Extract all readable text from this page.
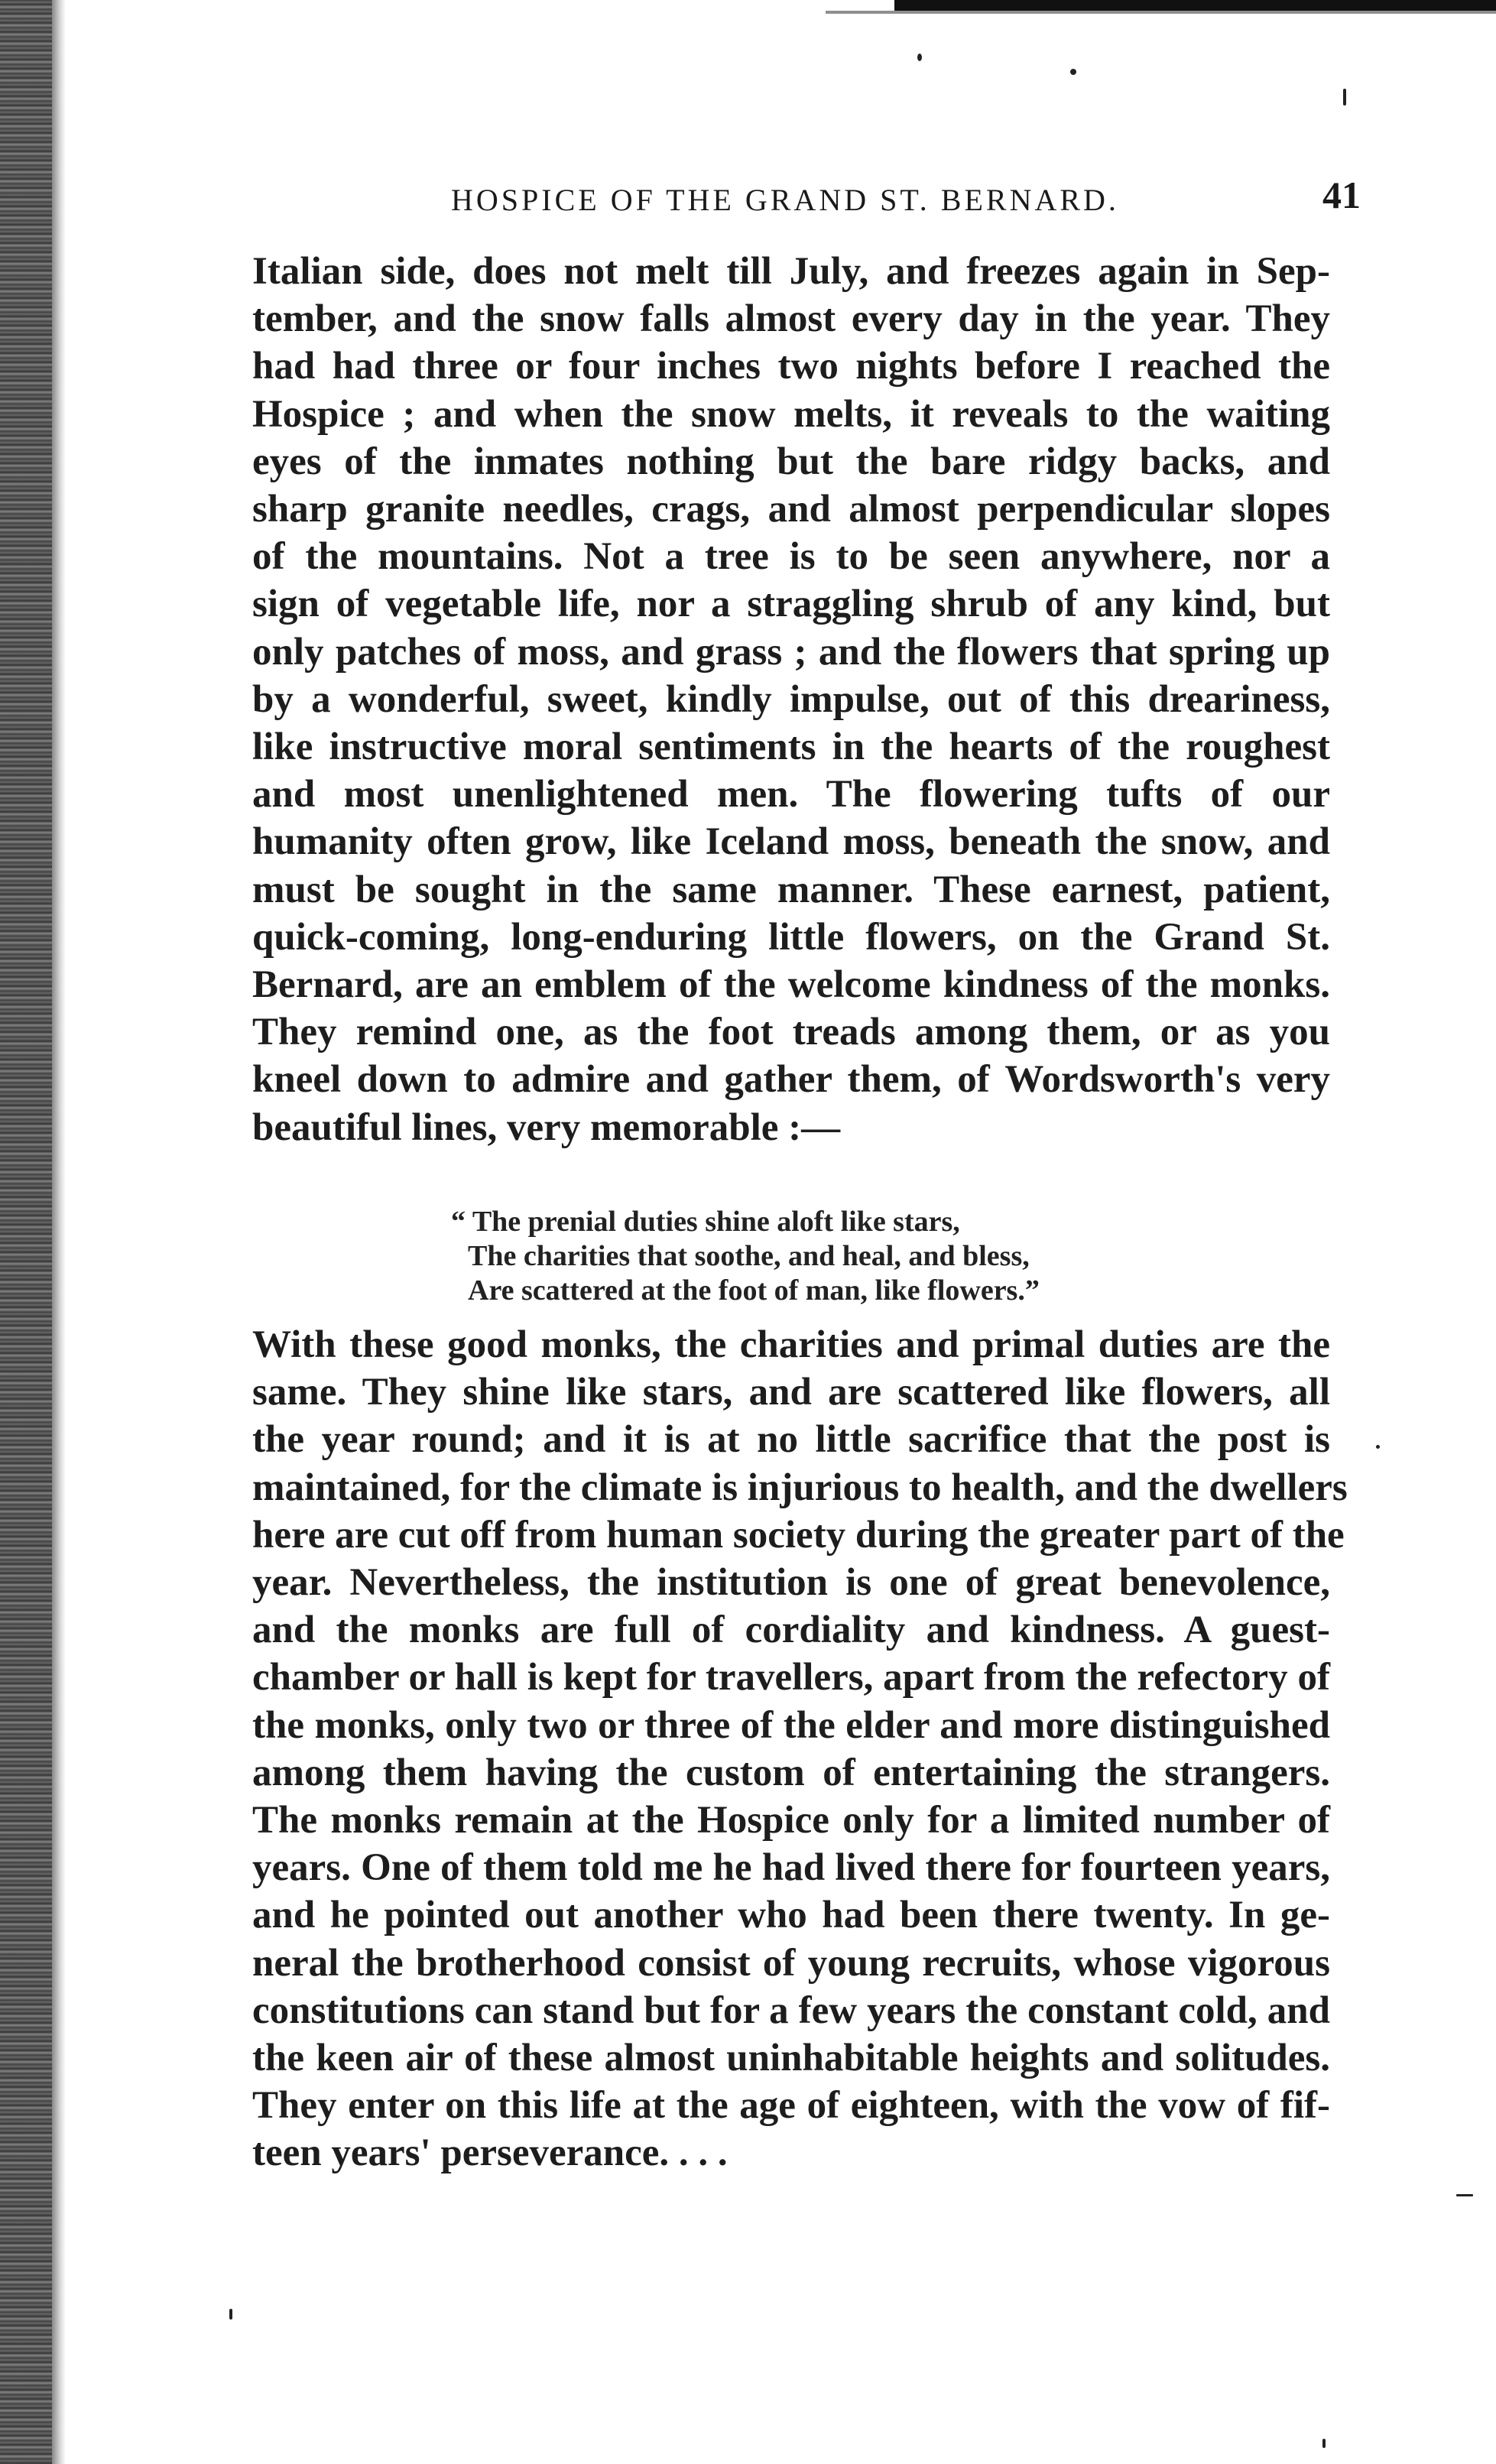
HOSPICE OF THE GRAND ST. BERNARD.	41
Italian side, does not melt till July, and freezes again in Sep-
tember, and the snow falls almost every day in the year. They
had had three or four inches two nights before I reached the
Hospice ; and when the snow melts, it reveals to the waiting
eyes of the inmates nothing but the bare ridgy backs, and
sharp granite needles, crags, and almost perpendicular slopes
of the mountains. Not a tree is to be seen anywhere, nor a
sign of vegetable life, nor a straggling shrub of any kind, but
only patches of moss, and grass ; and the flowers that spring up
by a wonderful, sweet, kindly impulse, out of this dreariness,
like instructive moral sentiments in the hearts of the roughest
and most unenlightened men. The flowering tufts of our
humanity often grow, like Iceland moss, beneath the snow, and
must be sought in the same manner. These earnest, patient,
quick-coming, long-enduring little flowers, on the Grand St.
Bernard, are an emblem of the welcome kindness of the monks.
They remind one, as the foot treads among them, or as you
kneel down to admire and gather them, of Wordsworth's very
beautiful lines, very memorable :—
“ The prenial duties shine aloft like stars,
The charities that soothe, and heal, and bless,
Are scattered at the foot of man, like flowers.”
With these good monks, the charities and primal duties are the
same. They shine like stars, and are scattered like flowers, all
the year round; and it is at no little sacrifice that the post is
maintained, for the climate is injurious to health, and the dwellers
here are cut off from human society during the greater part of the
year. Nevertheless, the institution is one of great benevolence,
and the monks are full of cordiality and kindness. A guest-
chamber or hall is kept for travellers, apart from the refectory of
the monks, only two or three of the elder and more distinguished
among them having the custom of entertaining the strangers.
The monks remain at the Hospice only for a limited number of
years. One of them told me he had lived there for fourteen years,
and he pointed out another who had been there twenty. In ge-
neral the brotherhood consist of young recruits, whose vigorous
constitutions can stand but for a few years the constant cold, and
the keen air of these almost uninhabitable heights and solitudes.
They enter on this life at the age of eighteen, with the vow of fif-
teen years' perseverance. . . .
